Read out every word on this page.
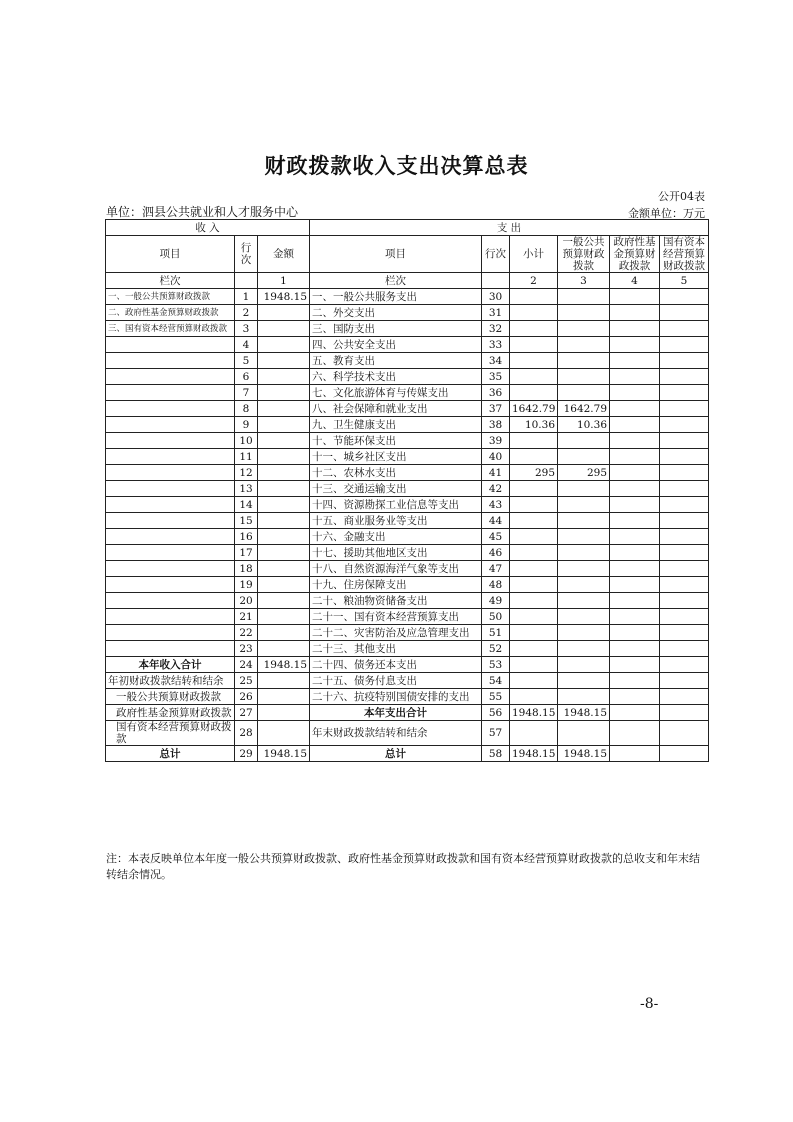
财政拨款收入支出决算总表
公开04表
单位：泗县公共就业和人才服务中心	金额单位：万元
收 入			支 出					
项目	行次	金额	项目	行次	小计	一般公共预算财政拨款	政府性基金预算财政拨款	国有资本经营预算财政拨款
栏次		1	栏次		2	3	4	5
一、一般公共预算财政拨款	1	1948.15	一、一般公共服务支出	30				
二、政府性基金预算财政拨款	2		二、外交支出	31				
三、国有资本经营预算财政拨款	3		三、国防支出	32				
	4		四、公共安全支出	33				
	5		五、教育支出	34				
	6		六、科学技术支出	35				
	7		七、文化旅游体育与传媒支出	36				
	8		八、社会保障和就业支出	37	1642.79	1642.79		
	9		九、卫生健康支出	38	10.36	10.36		
	10		十、节能环保支出	39				
	11		十一、城乡社区支出	40				
	12		十二、农林水支出	41	295	295		
	13		十三、交通运输支出	42				
	14		十四、资源勘探工业信息等支出	43				
	15		十五、商业服务业等支出	44				
	16		十六、金融支出	45				
	17		十七、援助其他地区支出	46				
	18		十八、自然资源海洋气象等支出	47				
	19		十九、住房保障支出	48				
	20		二十、粮油物资储备支出	49				
	21		二十一、国有资本经营预算支出	50				
	22		二十二、灾害防治及应急管理支出	51				
	23		二十三、其他支出	52				
本年收入合计	24	1948.15	二十四、债务还本支出	53				
年初财政拨款结转和结余	25		二十五、债务付息支出	54				
一般公共预算财政拨款	26		二十六、抗疫特别国债安排的支出	55				
政府性基金预算财政拨款	27		本年支出合计	56	1948.15	1948.15		
国有资本经营预算财政拨款	28		年末财政拨款结转和结余	57				
总计	29	1948.15	总计	58	1948.15	1948.15		
注：本表反映单位本年度一般公共预算财政拨款、政府性基金预算财政拨款和国有资本经营预算财政拨款的总收支和年末结转结余情况。
-8-
